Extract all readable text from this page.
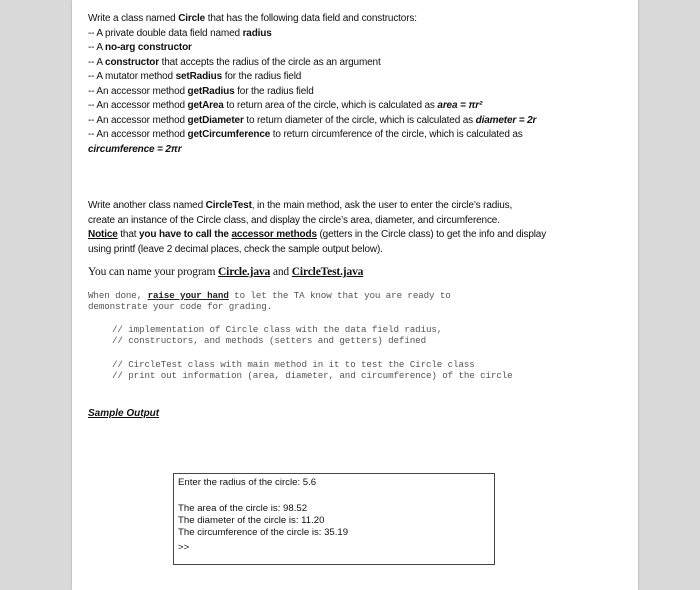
Write a class named Circle that has the following data field and constructors:
-- A private double data field named radius
-- A no-arg constructor
-- A constructor that accepts the radius of the circle as an argument
-- A mutator method setRadius for the radius field
-- An accessor method getRadius for the radius field
-- An accessor method getArea to return area of the circle, which is calculated as area = πr²
-- An accessor method getDiameter to return diameter of the circle, which is calculated as diameter = 2r
-- An accessor method getCircumference to return circumference of the circle, which is calculated as
circumference = 2πr
Write another class named CircleTest, in the main method, ask the user to enter the circle’s radius,
create an instance of the Circle class, and display the circle’s area, diameter, and circumference.
Notice that you have to call the accessor methods (getters in the Circle class) to get the info and display
using printf (leave 2 decimal places, check the sample output below).
You can name your program Circle.java and CircleTest.java
When done, raise your hand to let the TA know that you are ready to
demonstrate your code for grading.
// implementation of Circle class with the data field radius,
// constructors, and methods (setters and getters) defined
// CircleTest class with main method in it to test the Circle class
// print out information (area, diameter, and circumference) of the circle
Sample Output
Enter the radius of the circle: 5.6
The area of the circle is: 98.52
The diameter of the circle is: 11.20
The circumference of the circle is: 35.19
>>
